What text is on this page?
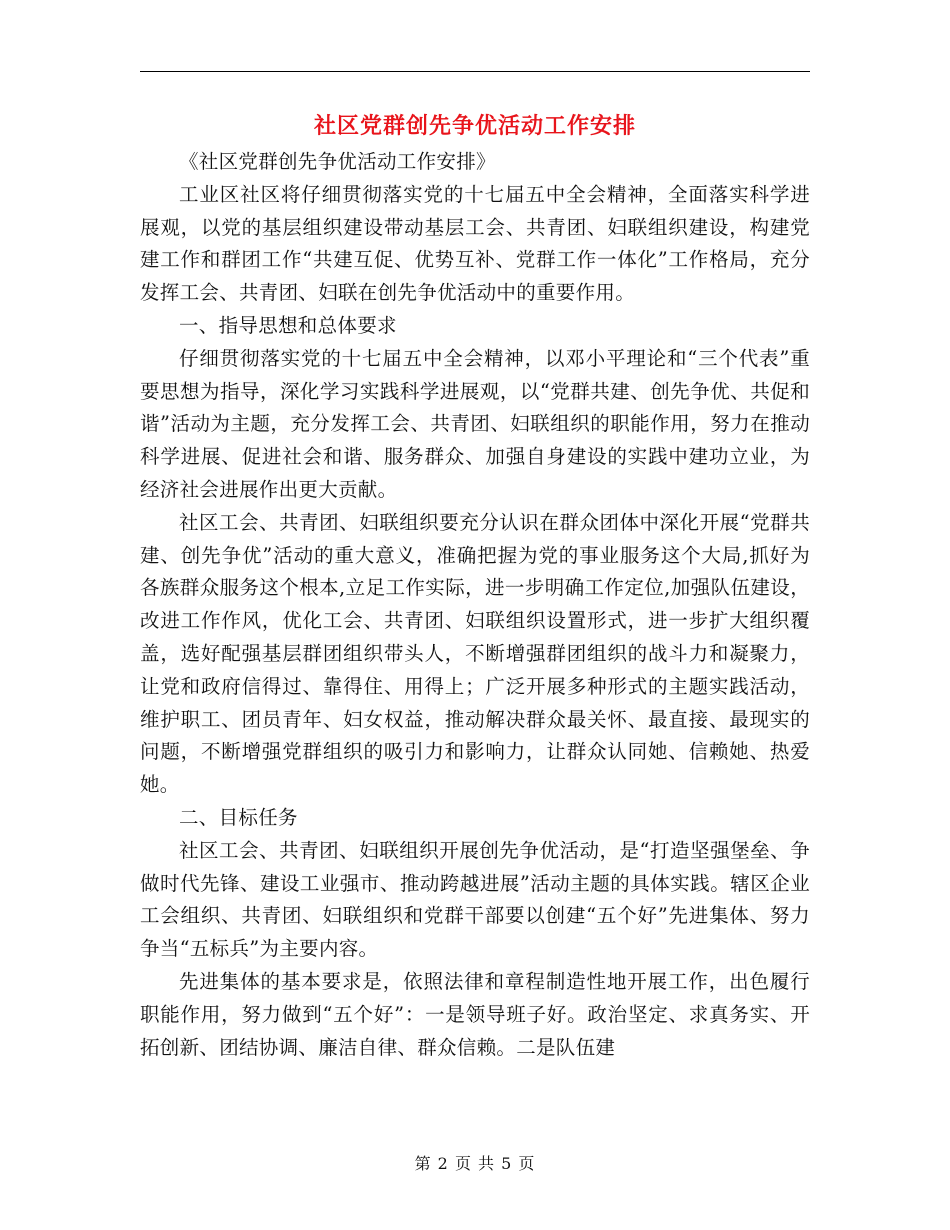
社区党群创先争优活动工作安排

《社区党群创先争优活动工作安排》

工业区社区将仔细贯彻落实党的十七届五中全会精神，全面落实科学进展观，以党的基层组织建设带动基层工会、共青团、妇联组织建设，构建党建工作和群团工作“共建互促、优势互补、党群工作一体化”工作格局，充分发挥工会、共青团、妇联在创先争优活动中的重要作用。

一、指导思想和总体要求

仔细贯彻落实党的十七届五中全会精神，以邓小平理论和“三个代表”重要思想为指导，深化学习实践科学进展观，以“党群共建、创先争优、共促和谐”活动为主题，充分发挥工会、共青团、妇联组织的职能作用，努力在推动科学进展、促进社会和谐、服务群众、加强自身建设的实践中建功立业，为经济社会进展作出更大贡献。

社区工会、共青团、妇联组织要充分认识在群众团体中深化开展“党群共建、创先争优”活动的重大意义，准确把握为党的事业服务这个大局,抓好为各族群众服务这个根本,立足工作实际，进一步明确工作定位,加强队伍建设，改进工作作风，优化工会、共青团、妇联组织设置形式，进一步扩大组织覆盖，选好配强基层群团组织带头人，不断增强群团组织的战斗力和凝聚力，让党和政府信得过、靠得住、用得上；广泛开展多种形式的主题实践活动，维护职工、团员青年、妇女权益，推动解决群众最关怀、最直接、最现实的问题，不断增强党群组织的吸引力和影响力，让群众认同她、信赖她、热爱她。

二、目标任务

社区工会、共青团、妇联组织开展创先争优活动，是“打造坚强堡垒、争做时代先锋、建设工业强市、推动跨越进展”活动主题的具体实践。辖区企业工会组织、共青团、妇联组织和党群干部要以创建“五个好”先进集体、努力争当“五标兵”为主要内容。

先进集体的基本要求是，依照法律和章程制造性地开展工作，出色履行职能作用，努力做到“五个好”：一是领导班子好。政治坚定、求真务实、开拓创新、团结协调、廉洁自律、群众信赖。二是队伍建

第 2 页 共 5 页
